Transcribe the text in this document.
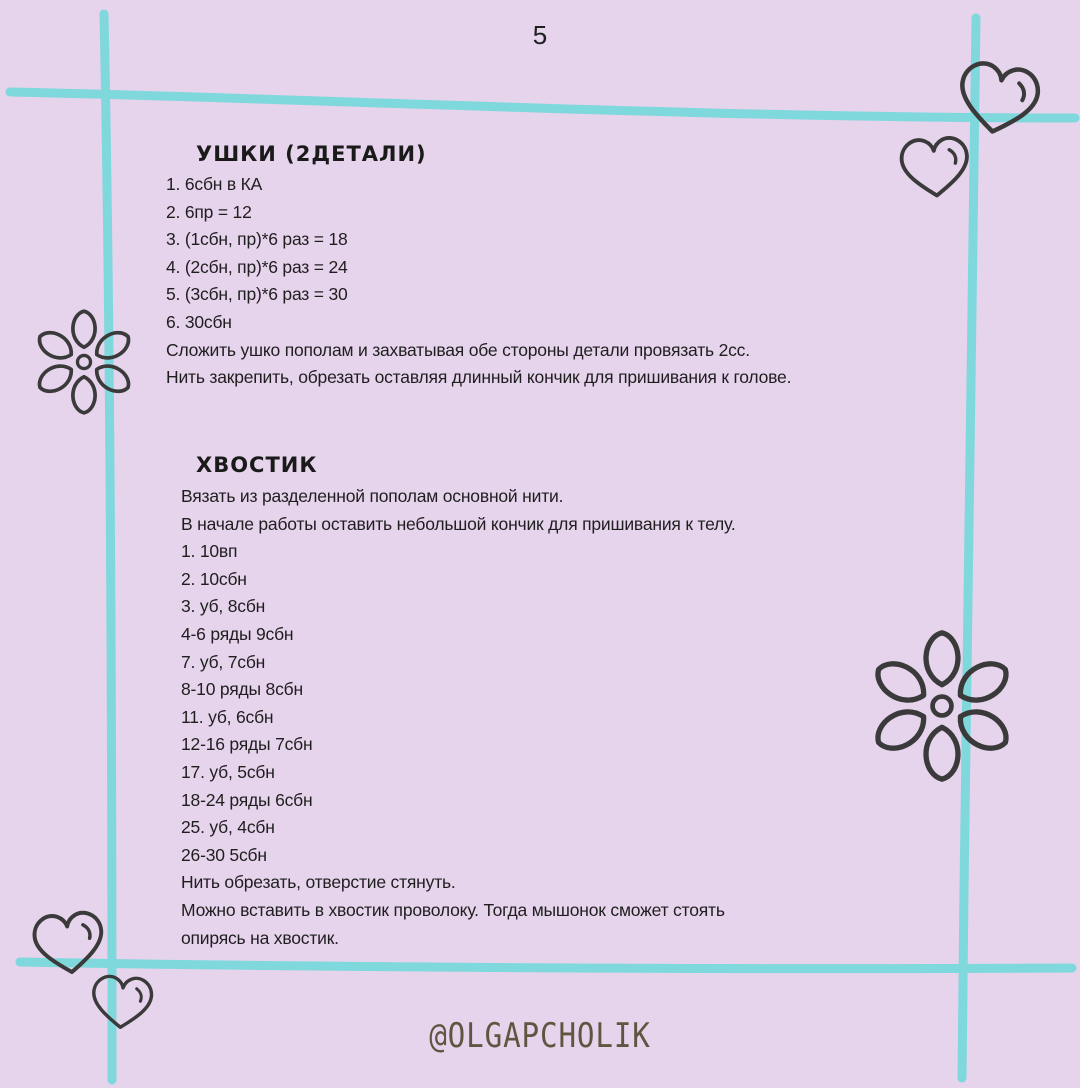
5
УШКИ (2ДЕТАЛИ)
1. 6сбн в КА
2. 6пр = 12
3. (1сбн, пр)*6 раз = 18
4. (2сбн, пр)*6 раз = 24
5. (3сбн, пр)*6 раз = 30
6. 30сбн
Сложить ушко пополам и захватывая обе стороны детали провязать 2сс.
Нить закрепить, обрезать оставляя длинный кончик для пришивания к голове.
ХВОСТИК
Вязать из разделенной пополам основной нити.
В начале работы оставить небольшой кончик для пришивания к телу.
1. 10вп
2. 10сбн
3. уб, 8сбн
4-6 ряды 9сбн
7. уб, 7сбн
8-10 ряды 8сбн
11. уб, 6сбн
12-16 ряды 7сбн
17. уб, 5сбн
18-24 ряды 6сбн
25. уб, 4сбн
26-30 5сбн
Нить обрезать, отверстие стянуть.
Можно вставить в хвостик проволоку. Тогда мышонок сможет стоять
опирясь на хвостик.
@OLGAPCHOLIK
